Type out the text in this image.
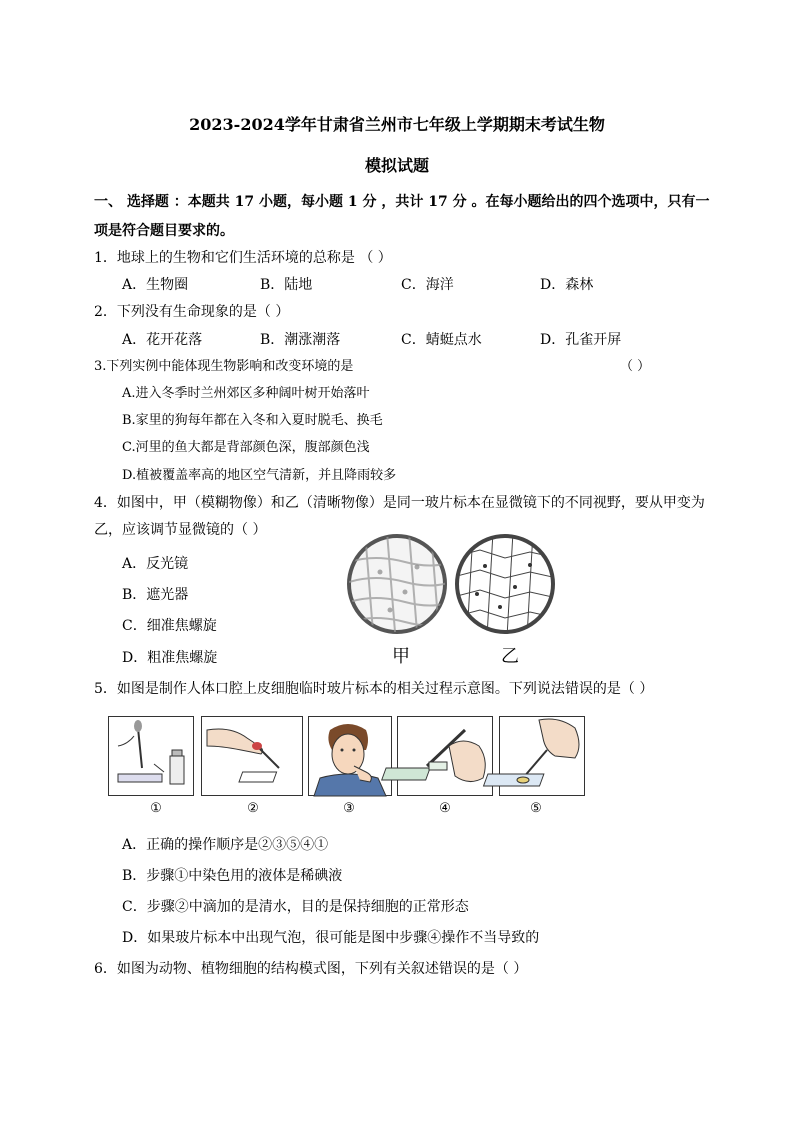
2023-2024学年甘肃省兰州市七年级上学期期末考试生物
模拟试题
一、 选择题 ：本题共 17 小题，每小题 1 分 ，共计 17 分 。在每小题给出的四个选项中，只有一
项是符合题目要求的。
1．地球上的生物和它们生活环境的总称是 （ ）
A．生物圈	B．陆地	C．海洋	D．森林
2．下列没有生命现象的是（ ）
A．花开花落	B．潮涨潮落	C．蜻蜓点水	D．孔雀开屏
3.下列实例中能体现生物影响和改变环境的是	（ ）
A.进入冬季时兰州郊区多种阔叶树开始落叶
B.家里的狗每年都在入冬和入夏时脱毛、换毛
C.河里的鱼大都是背部颜色深，腹部颜色浅
D.植被覆盖率高的地区空气清新，并且降雨较多
4．如图中，甲（模糊物像）和乙（清晰物像）是同一玻片标本在显微镜下的不同视野，要从甲变为
乙，应该调节显微镜的（ ）
A．反光镜
B．遮光器
C．细准焦螺旋
D．粗准焦螺旋	甲	乙
5．如图是制作人体口腔上皮细胞临时玻片标本的相关过程示意图。下列说法错误的是（ ）
①	②	③	④	⑤
A．正确的操作顺序是②③⑤④①
B．步骤①中染色用的液体是稀碘液
C．步骤②中滴加的是清水，目的是保持细胞的正常形态
D．如果玻片标本中出现气泡，很可能是图中步骤④操作不当导致的
6．如图为动物、植物细胞的结构模式图，下列有关叙述错误的是（ ）
